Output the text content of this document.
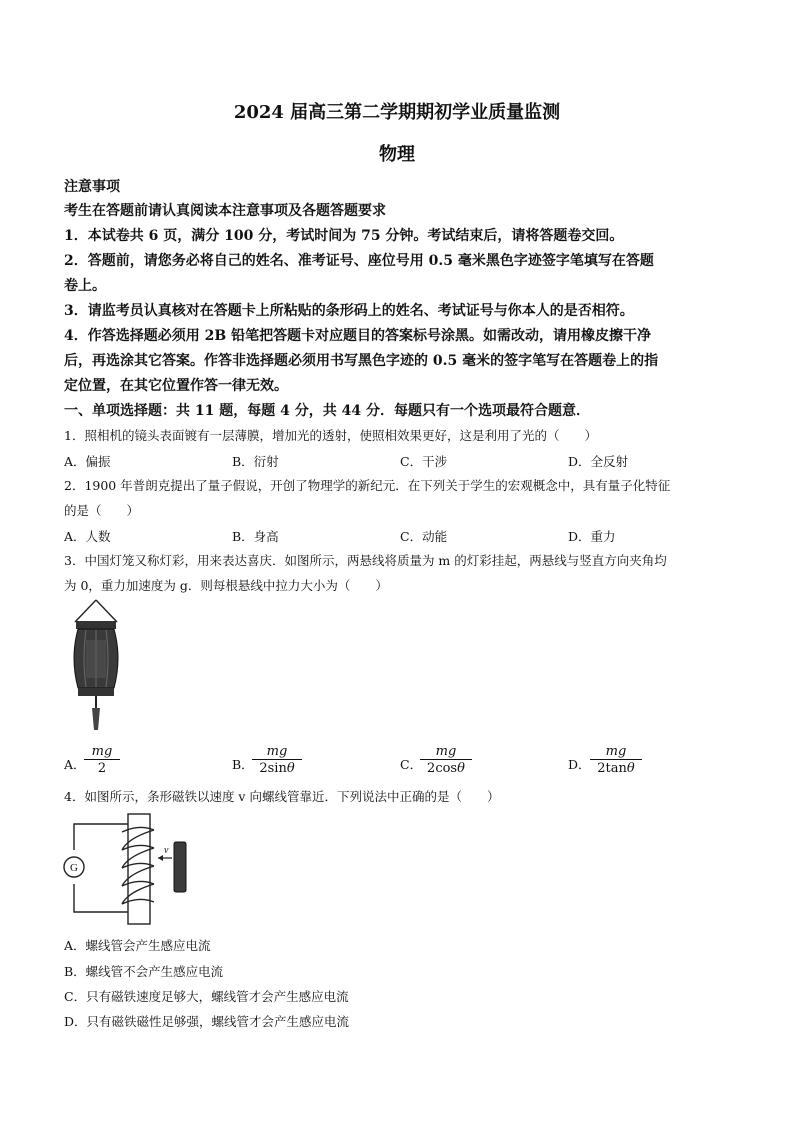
2024 届高三第二学期期初学业质量监测
物理
注意事项
考生在答题前请认真阅读本注意事项及各题答题要求
1．本试卷共 6 页，满分 100 分，考试时间为 75 分钟。考试结束后，请将答题卷交回。
2．答题前，请您务必将自己的姓名、准考证号、座位号用 0.5 毫米黑色字迹签字笔填写在答题
卷上。
3．请监考员认真核对在答题卡上所粘贴的条形码上的姓名、考试证号与你本人的是否相符。
4．作答选择题必须用 2B 铅笔把答题卡对应题目的答案标号涂黑。如需改动，请用橡皮擦干净
后，再选涂其它答案。作答非选择题必须用书写黑色字迹的 0.5 毫米的签字笔写在答题卷上的指
定位置，在其它位置作答一律无效。
一、单项选择题：共 11 题，每题 4 分，共 44 分．每题只有一个选项最符合题意．
1．照相机的镜头表面镀有一层薄膜，增加光的透射，使照相效果更好，这是利用了光的（　　）
A．偏振	B．衍射	C．干涉	D．全反射
2．1900 年普朗克提出了量子假说，开创了物理学的新纪元．在下列关于学生的宏观概念中，具有量子化特征
的是（　　）
A．人数	B．身高	C．动能	D．重力
3．中国灯笼又称灯彩，用来表达喜庆．如图所示，两悬线将质量为 m 的灯彩挂起，两悬线与竖直方向夹角均
为 0，重力加速度为 g．则每根悬线中拉力大小为（　　）
A．
$\frac{mg}{2}$	B．
$\frac{mg}{2\sin\theta}$	C．
$\frac{mg}{2\cos\theta}$	D． $\frac{mg}{2\tan\theta}$
4．如图所示，条形磁铁以速度 v 向螺线管靠近．下列说法中正确的是（　　）
G
v
A．螺线管会产生感应电流
B．螺线管不会产生感应电流
C．只有磁铁速度足够大，螺线管才会产生感应电流
D．只有磁铁磁性足够强，螺线管才会产生感应电流
